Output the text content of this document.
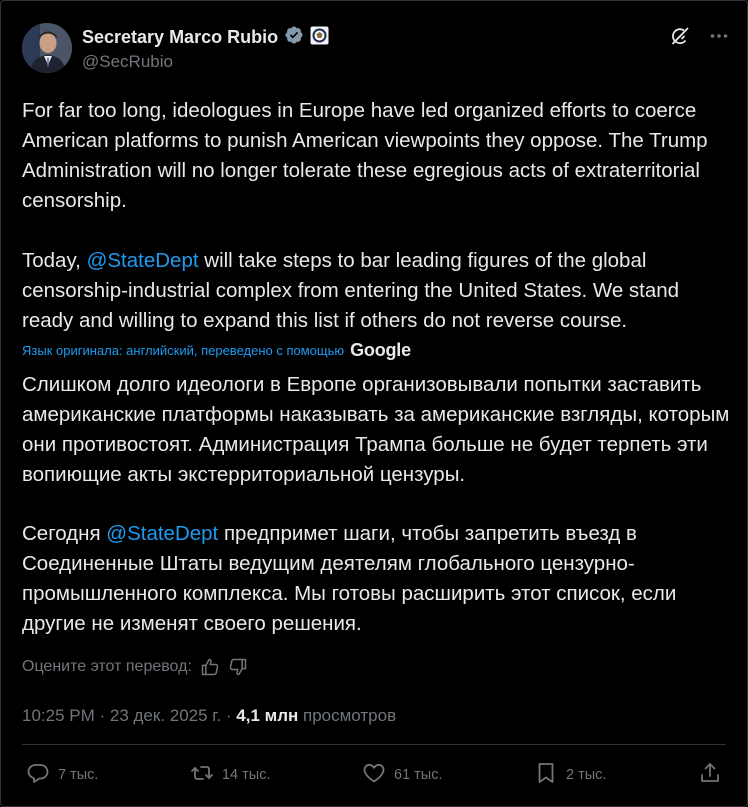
Secretary Marco Rubio
@SecRubio

For far too long, ideologues in Europe have led organized efforts to coerce American platforms to punish American viewpoints they oppose. The Trump Administration will no longer tolerate these egregious acts of extraterritorial censorship.

Today, @StateDept will take steps to bar leading figures of the global censorship-industrial complex from entering the United States. We stand ready and willing to expand this list if others do not reverse course.

Язык оригинала: английский, переведено с помощью Google

Слишком долго идеологи в Европе организовывали попытки заставить американские платформы наказывать за американские взгляды, которым они противостоят. Администрация Трампа больше не будет терпеть эти вопиющие акты экстерриториальной цензуры.

Сегодня @StateDept предпримет шаги, чтобы запретить въезд в Соединенные Штаты ведущим деятелям глобального цензурно-промышленного комплекса. Мы готовы расширить этот список, если другие не изменят своего решения.

Оцените этот перевод:
10:25 PM · 23 дек. 2025 г. · 4,1 млн просмотров
7 тыс.	14 тыс.	61 тыс.	2 тыс.
